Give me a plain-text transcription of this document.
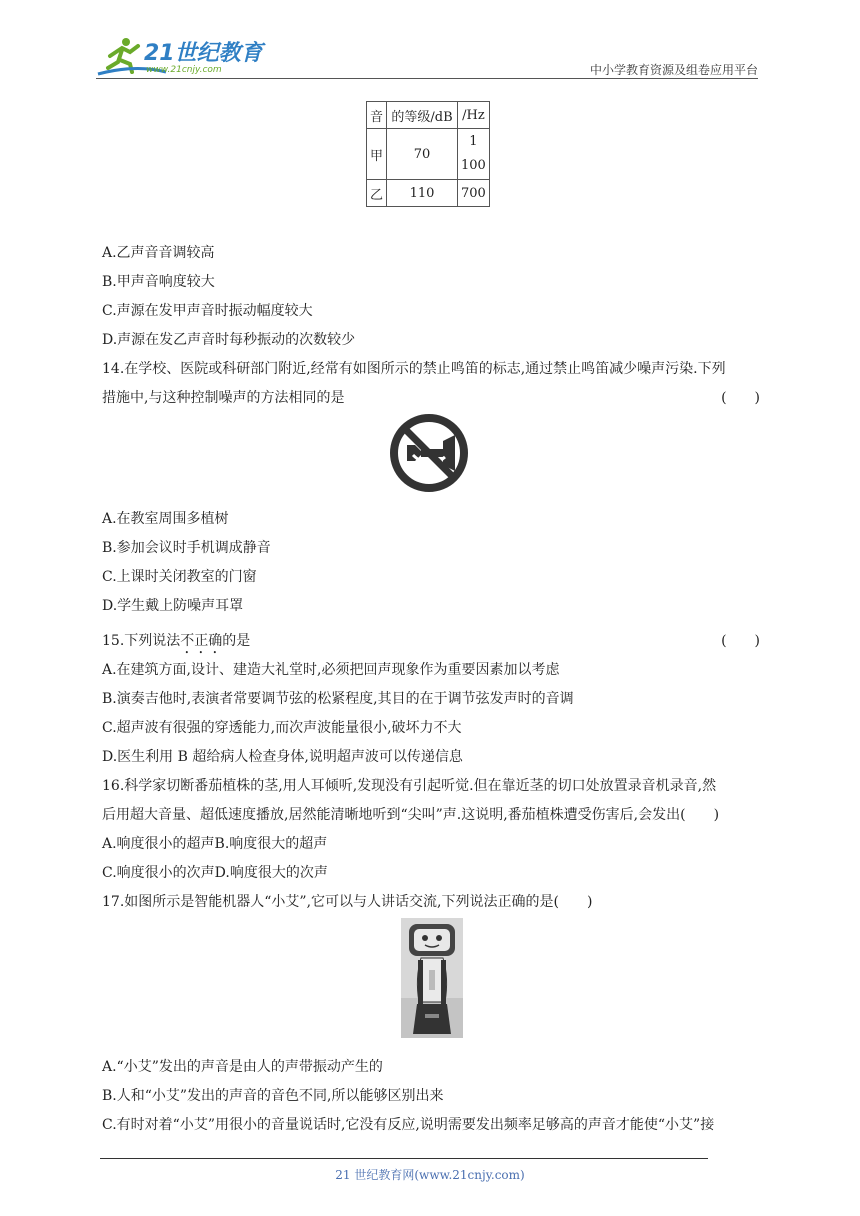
21世纪教育
www.21cnjy.com	中小学教育资源及组卷应用平台
音	的等级/dB	/Hz
甲	70	1
100

乙	110	700
A.乙声音音调较高
B.甲声音响度较大
C.声源在发甲声音时振动幅度较大
D.声源在发乙声音时每秒振动的次数较少
14.在学校、医院或科研部门附近,经常有如图所示的禁止鸣笛的标志,通过禁止鸣笛减少噪声污染.下列
措施中,与这种控制噪声的方法相同的是	(　　)
A.在教室周围多植树
B.参加会议时手机调成静音
C.上课时关闭教室的门窗
D.学生戴上防噪声耳罩
15.下列说法不正确的是	(　　)
A.在建筑方面,设计、建造大礼堂时,必须把回声现象作为重要因素加以考虑
B.演奏吉他时,表演者常要调节弦的松紧程度,其目的在于调节弦发声时的音调
C.超声波有很强的穿透能力,而次声波能量很小,破坏力不大
D.医生利用 B 超给病人检查身体,说明超声波可以传递信息
16.科学家切断番茄植株的茎,用人耳倾听,发现没有引起听觉.但在靠近茎的切口处放置录音机录音,然
后用超大音量、超低速度播放,居然能清晰地听到“尖叫”声.这说明,番茄植株遭受伤害后,会发出(　　)
A.响度很小的超声B.响度很大的超声
C.响度很小的次声D.响度很大的次声
17.如图所示是智能机器人“小艾”,它可以与人讲话交流,下列说法正确的是(　　)
A.“小艾”发出的声音是由人的声带振动产生的
B.人和“小艾”发出的声音的音色不同,所以能够区别出来
C.有时对着“小艾”用很小的音量说话时,它没有反应,说明需要发出频率足够高的声音才能使“小艾”接
21 世纪教育网(www.21cnjy.com)
